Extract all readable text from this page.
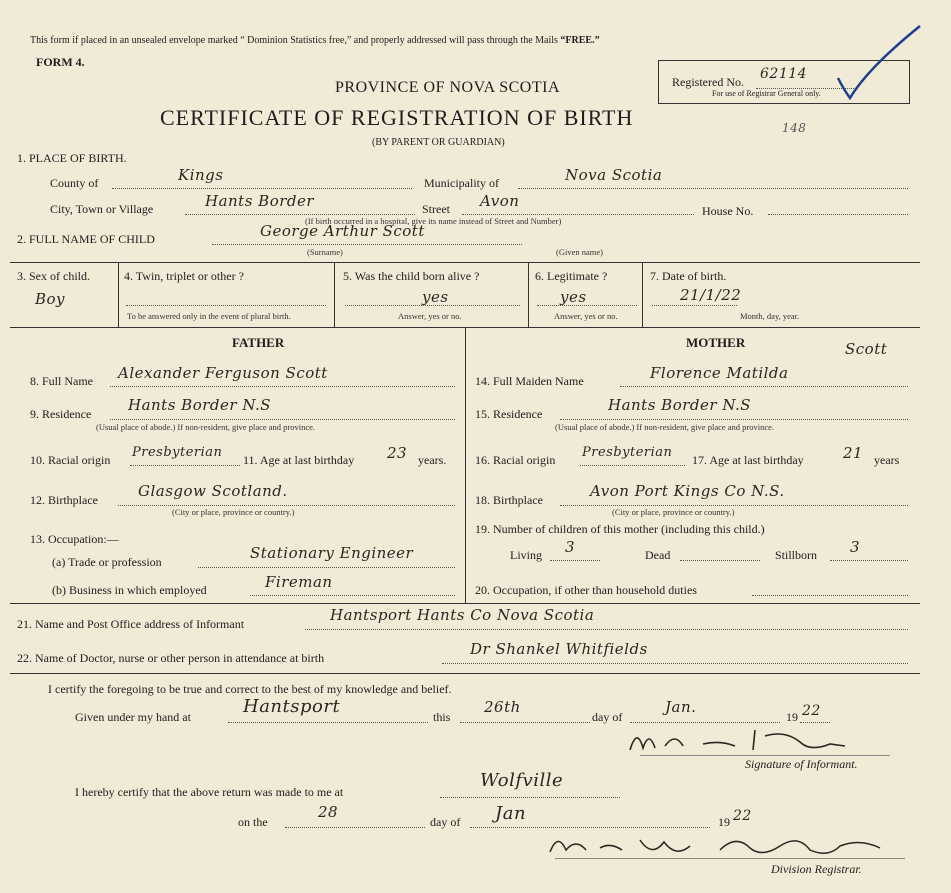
This form if placed in an unsealed envelope marked “ Dominion Statistics free,” and properly addressed will pass through the Mails “FREE.”
FORM 4.
Registered No. 62114
For use of Registrar General only.
148
PROVINCE OF NOVA SCOTIA
CERTIFICATE OF REGISTRATION OF BIRTH
(BY PARENT OR GUARDIAN)
1. PLACE OF BIRTH.
County of	Kings	Municipality of	Nova Scotia
City, Town or Village	Hants Border	Street Avon
House No.
(If birth occurred in a hospital, give its name instead of Street and Number)
2. FULL NAME OF CHILD	George Arthur Scott
(Surname)	(Given name)
3. Sex of child.
Boy
4. Twin, triplet or other ?
To be answered only in the event of plural birth.
5. Was the child born alive ?
yes
Answer, yes or no.
6. Legitimate ?
yes
Answer, yes or no.
7. Date of birth.
21/1/22
Month, day, year.
FATHER	MOTHER
8. Full Name Alexander Ferguson Scott
9. Residence Hants Border N.S
(Usual place of abode.) If non-resident, give place and province.
10. Racial origin Presbyterian 11. Age at last birthday 23 years.
12. Birthplace	Glasgow Scotland.
(City or place, province or country.)
13. Occupation:—
(a) Trade or profession	Stationary Engineer
(b) Business in which employed	Fireman
14. Full Maiden Name	Florence Matilda
Scott
15. Residence	Hants Border N.S
(Usual place of abode.) If non-resident, give place and province.
16. Racial origin Presbyterian 17. Age at last birthday	21 years
18. Birthplace	Avon Port Kings Co N.S.
(City or place, province or country.)
19. Number of children of this mother (including this child.)
Living 3	Dead	Stillborn 3
20. Occupation, if other than household duties
21. Name and Post Office address of Informant	Hantsport Hants Co Nova Scotia
22. Name of Doctor, nurse or other person in attendance at birth	Dr Shankel Whitfields
I certify the foregoing to be true and correct to the best of my knowledge and belief.
Given under my hand at	Hantsport	this
26th
day of
Jan.
19 22
Signature of Informant.
I hereby certify that the above return was made to me at
Wolfville
on the
28
day of Jan	19 22
Division Registrar.
